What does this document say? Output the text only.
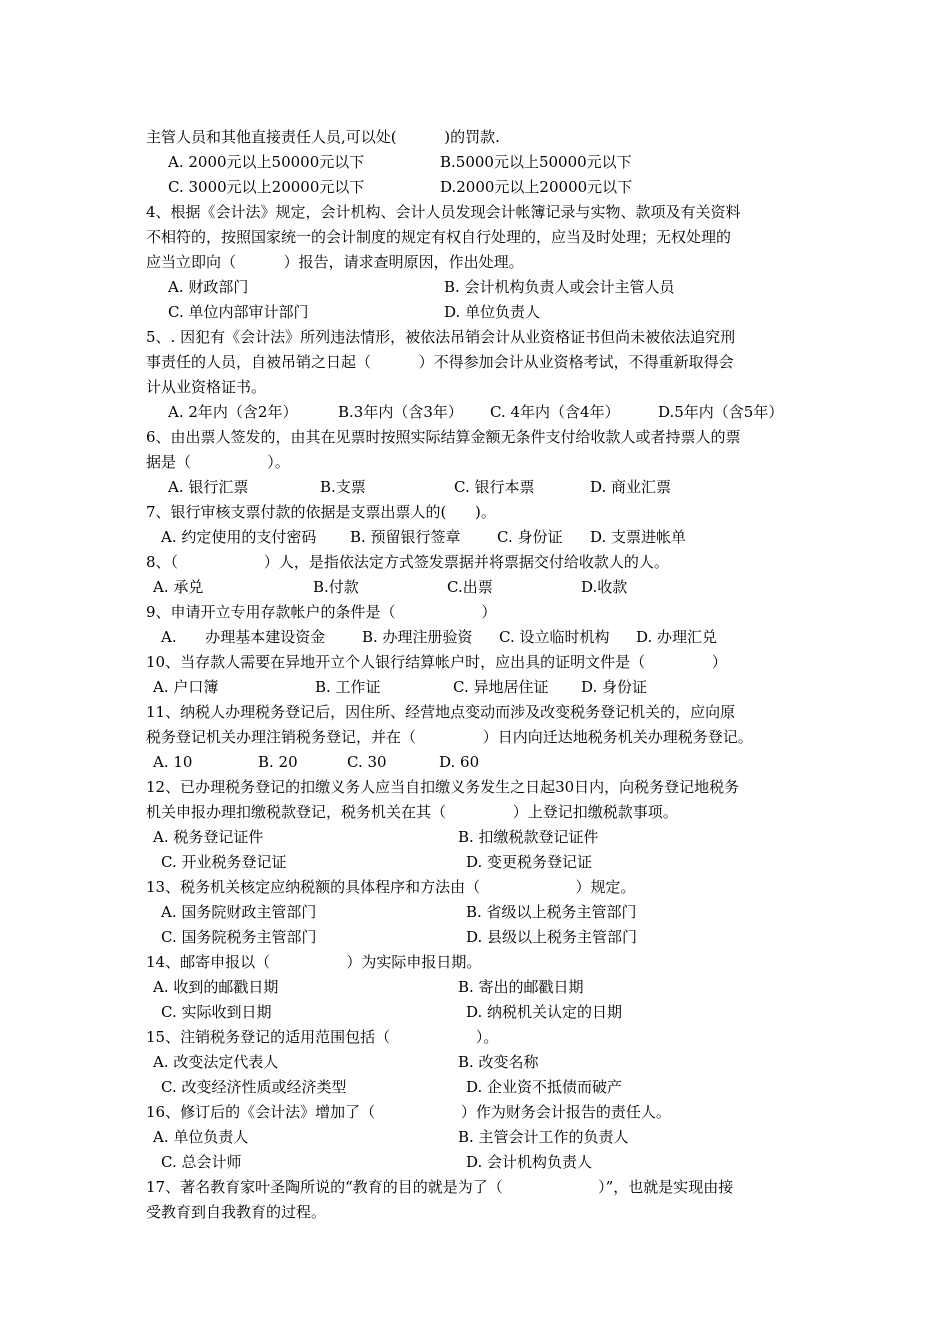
主管人员和其他直接责任人员,可以处(          )的罚款.
A. 2000元以上50000元以下	B.5000元以上50000元以下
C. 3000元以上20000元以下	D.2000元以上20000元以下
4、根据《会计法》规定，会计机构、会计人员发现会计帐簿记录与实物、款项及有关资料
不相符的，按照国家统一的会计制度的规定有权自行处理的，应当及时处理；无权处理的
应当立即向（          ）报告，请求查明原因，作出处理。
A. 财政部门	B. 会计机构负责人或会计主管人员
C. 单位内部审计部门	D. 单位负责人
5、. 因犯有《会计法》所列违法情形，被依法吊销会计从业资格证书但尚未被依法追究刑
事责任的人员，自被吊销之日起（          ）不得参加会计从业资格考试，不得重新取得会
计从业资格证书。
A. 2年内（含2年）	B.3年内（含3年） C. 4年内（含4年）	D.5年内（含5年）
6、由出票人签发的，由其在见票时按照实际结算金额无条件支付给收款人或者持票人的票
据是（                ）。
A. 银行汇票	B.支票	C. 银行本票	D. 商业汇票
7、银行审核支票付款的依据是支票出票人的(      )。
A. 约定使用的支付密码 B. 预留银行签章 C. 身份证 D. 支票进帐单
8、（                  ）人，是指依法定方式签发票据并将票据交付给收款人的人。
A. 承兑	B.付款	C.出票	D.收款
9、申请开立专用存款帐户的条件是（                  ）
A.      办理基本建设资金 B. 办理注册验资 C. 设立临时机构 D. 办理汇兑
10、当存款人需要在异地开立个人银行结算帐户时，应出具的证明文件是（              ）
A. 户口簿	B. 工作证	C. 异地居住证 D. 身份证
11、纳税人办理税务登记后，因住所、经营地点变动而涉及改变税务登记机关的，应向原
税务登记机关办理注销税务登记，并在（              ）日内向迁达地税务机关办理税务登记。
A. 10	B. 20	C. 30	D. 60
12、已办理税务登记的扣缴义务人应当自扣缴义务发生之日起30日内，向税务登记地税务
机关申报办理扣缴税款登记，税务机关在其（              ）上登记扣缴税款事项。
A. 税务登记证件	B. 扣缴税款登记证件
C. 开业税务登记证	D. 变更税务登记证
13、税务机关核定应纳税额的具体程序和方法由（                    ）规定。
A. 国务院财政主管部门	B. 省级以上税务主管部门
C. 国务院税务主管部门	D. 县级以上税务主管部门
14、邮寄申报以（                ）为实际申报日期。
A. 收到的邮戳日期	B. 寄出的邮戳日期
C. 实际收到日期	D. 纳税机关认定的日期
15、注销税务登记的适用范围包括（                  ）。
A. 改变法定代表人	B. 改变名称
C. 改变经济性质或经济类型	D. 企业资不抵债而破产
16、修订后的《会计法》增加了（                  ）作为财务会计报告的责任人。
A. 单位负责人	B. 主管会计工作的负责人
C. 总会计师	D. 会计机构负责人
17、著名教育家叶圣陶所说的“教育的目的就是为了（                    ）”，也就是实现由接
受教育到自我教育的过程。
